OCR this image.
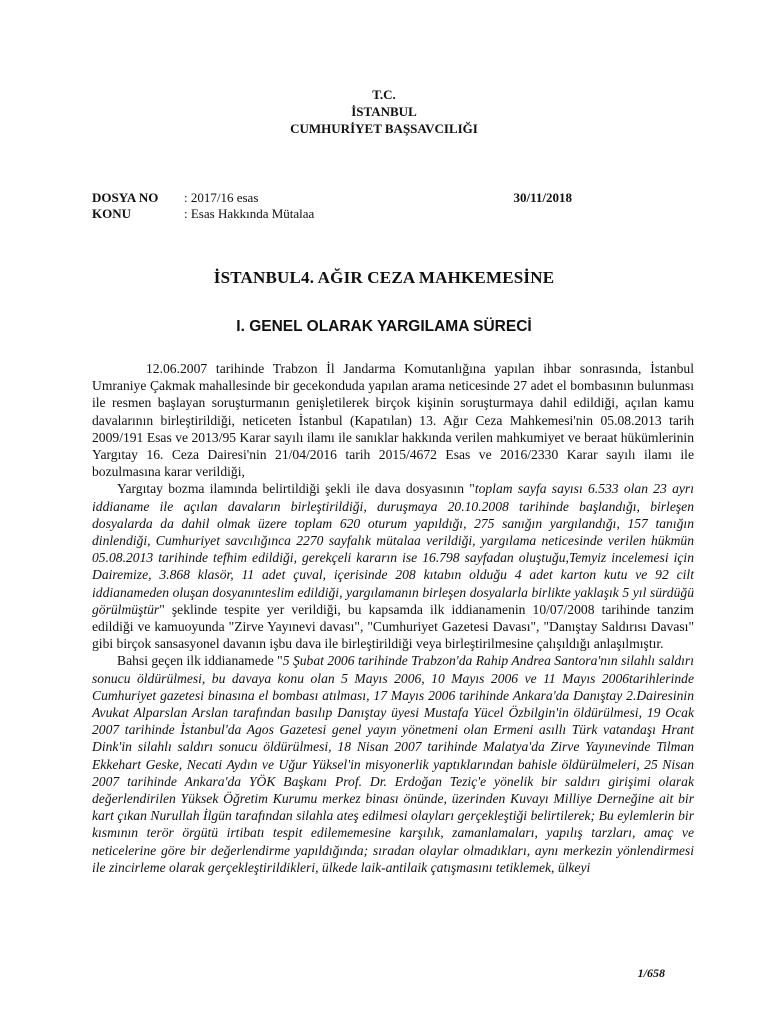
T.C.
İSTANBUL
CUMHURİYET BAŞSAVCILIĞI
DOSYA NO	: 2017/16 esas	30/11/2018
KONU	: Esas Hakkında Mütalaa
İSTANBUL4. AĞIR CEZA MAHKEMESİNE
I. GENEL OLARAK YARGILAMA SÜRECİ

12.06.2007 tarihinde Trabzon İl Jandarma Komutanlığına yapılan ihbar sonrasında, İstanbul Umraniye Çakmak mahallesinde bir gecekonduda yapılan arama neticesinde 27 adet el bombasının bulunması ile resmen başlayan soruşturmanın genişletilerek birçok kişinin soruşturmaya dahil edildiği, açılan kamu davalarının birleştirildiği, neticeten İstanbul (Kapatılan) 13. Ağır Ceza Mahkemesi'nin 05.08.2013 tarih 2009/191 Esas ve 2013/95 Karar sayılı ilamı ile sanıklar hakkında verilen mahkumiyet ve beraat hükümlerinin Yargıtay 16. Ceza Dairesi'nin 21/04/2016 tarih 2015/4672 Esas ve 2016/2330 Karar sayılı ilamı ile bozulmasına karar verildiği,

Yargıtay bozma ilamında belirtildiği şekli ile dava dosyasının "toplam sayfa sayısı 6.533 olan 23 ayrı iddianame ile açılan davaların birleştirildiği, duruşmaya 20.10.2008 tarihinde başlandığı, birleşen dosyalarda da dahil olmak üzere toplam 620 oturum yapıldığı, 275 sanığın yargılandığı, 157 tanığın dinlendiği, Cumhuriyet savcılığınca 2270 sayfalık mütalaa verildiği, yargılama neticesinde verilen hükmün 05.08.2013 tarihinde tefhim edildiği, gerekçeli kararın ise 16.798 sayfadan oluştuğu,Temyiz incelemesi için Dairemize, 3.868 klasör, 11 adet çuval, içerisinde 208 kıtabın olduğu 4 adet karton kutu ve 92 cilt iddianameden oluşan dosyanınteslim edildiği, yargılamanın birleşen dosyalarla birlikte yaklaşık 5 yıl sürdüğü görülmüştür" şeklinde tespite yer verildiği, bu kapsamda ilk iddianamenin 10/07/2008 tarihinde tanzim edildiği ve kamuoyunda "Zirve Yayınevi davası", "Cumhuriyet Gazetesi Davası", "Danıştay Saldırısı Davası" gibi birçok sansasyonel davanın işbu dava ile birleştirildiği veya birleştirilmesine çalışıldığı anlaşılmıştır.

Bahsi geçen ilk iddianamede "5 Şubat 2006 tarihinde Trabzon'da Rahip Andrea Santora'nın silahlı saldırı sonucu öldürülmesi, bu davaya konu olan 5 Mayıs 2006, 10 Mayıs 2006 ve 11 Mayıs 2006tarihlerinde Cumhuriyet gazetesi binasına el bombası atılması, 17 Mayıs 2006 tarihinde Ankara'da Danıştay 2.Dairesinin Avukat Alparslan Arslan tarafından basılıp Danıştay üyesi Mustafa Yücel Özbilgin'in öldürülmesi, 19 Ocak 2007 tarihinde İstanbul'da Agos Gazetesi genel yayın yönetmeni olan Ermeni asıllı Türk vatandaşı Hrant Dink'in silahlı saldırı sonucu öldürülmesi, 18 Nisan 2007 tarihinde Malatya'da Zirve Yayınevinde Tilman Ekkehart Geske, Necati Aydın ve Uğur Yüksel'in misyonerlik yaptıklarından bahisle öldürülmeleri, 25 Nisan 2007 tarihinde Ankara'da YÖK Başkanı Prof. Dr. Erdoğan Teziç'e yönelik bir saldırı girişimi olarak değerlendirilen Yüksek Öğretim Kurumu merkez binası önünde, üzerinden Kuvayı Milliye Derneğine ait bir kart çıkan Nurullah İlgün tarafından silahla ateş edilmesi olayları gerçekleştiği belirtilerek; Bu eylemlerin bir kısmının terör örgütü irtibatı tespit edilememesine karşılık, zamanlamaları, yapılış tarzları, amaç ve neticelerine göre bir değerlendirme yapıldığında; sıradan olaylar olmadıkları, aynı merkezin yönlendirmesi ile zincirleme olarak gerçekleştirildikleri, ülkede laik-antilaik çatışmasını tetiklemek, ülkeyi

1/658
